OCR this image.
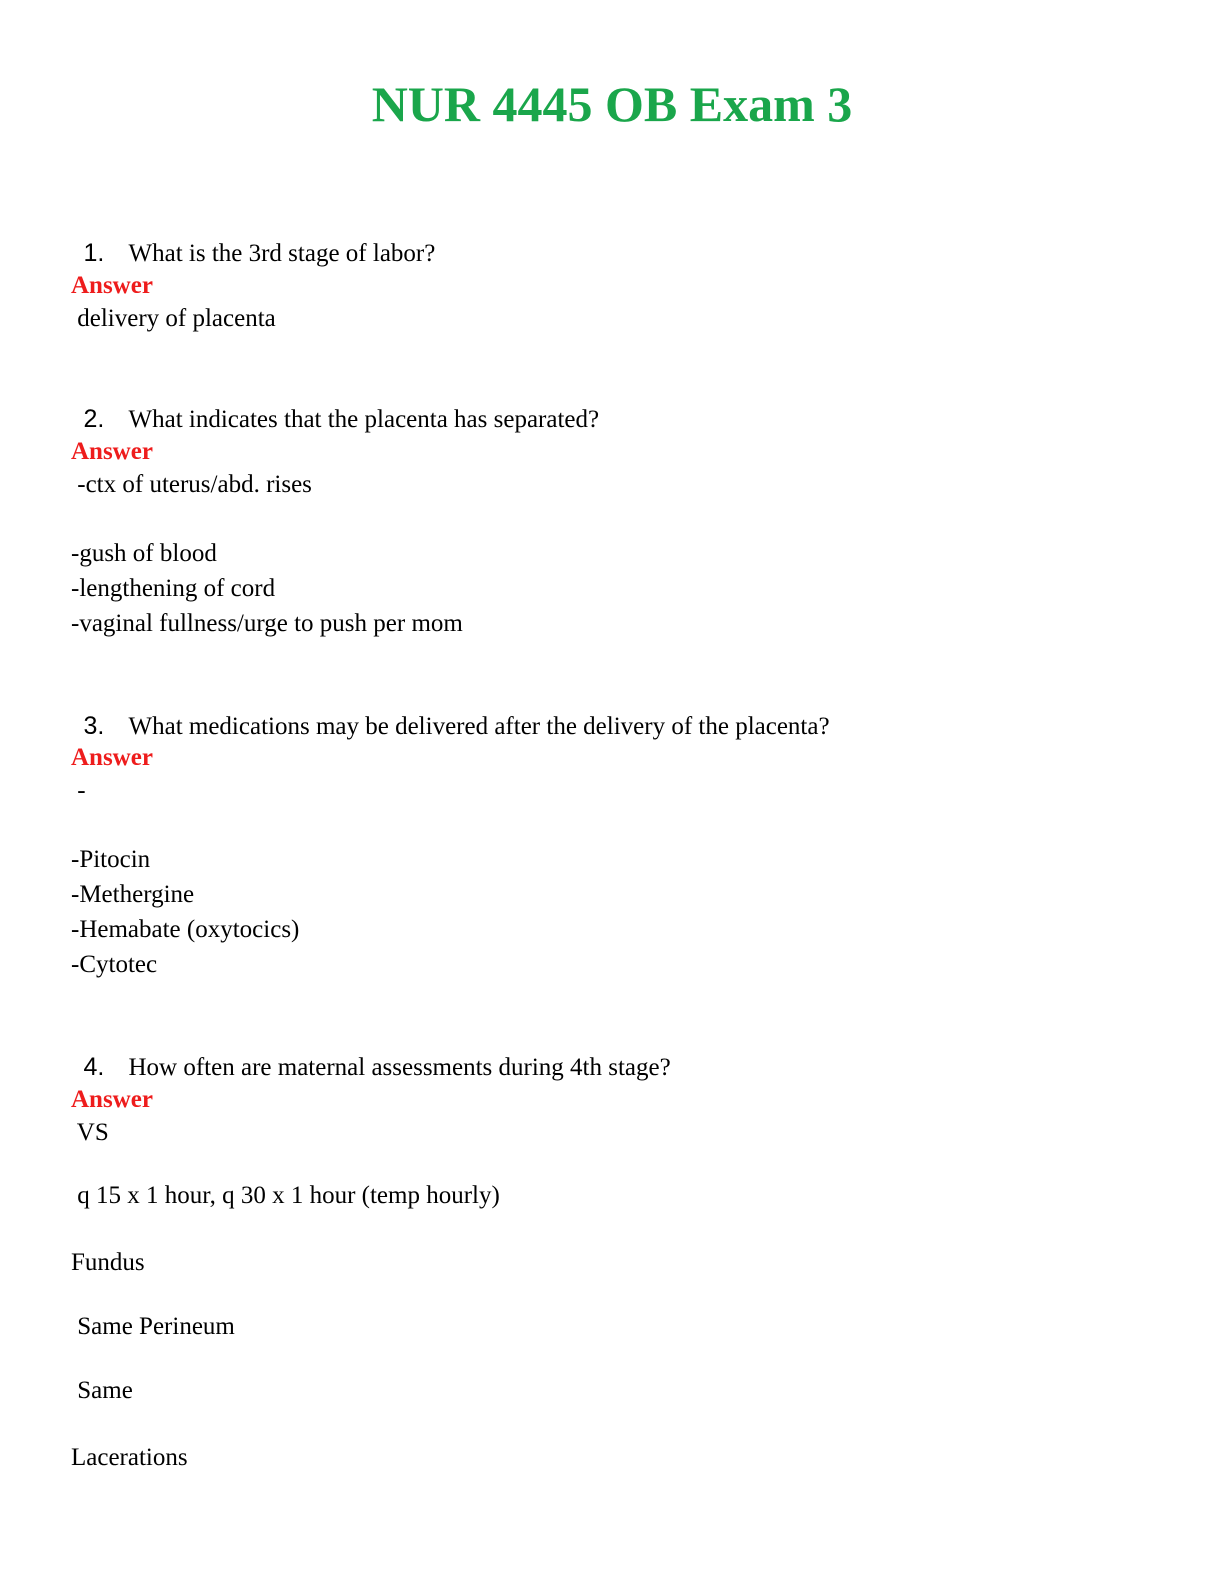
NUR 4445 OB Exam 3

1. What is the 3rd stage of labor?

Answer
delivery of placenta

2. What indicates that the placenta has separated?

Answer
-ctx of uterus/abd. rises
-gush of blood
-lengthening of cord
-vaginal fullness/urge to push per mom

3. What medications may be delivered after the delivery of the placenta?

Answer
-
-Pitocin
-Methergine
-Hemabate (oxytocics)
-Cytotec

4. How often are maternal assessments during 4th stage?

Answer
VS
q 15 x 1 hour, q 30 x 1 hour (temp hourly)
Fundus
Same Perineum
Same
Lacerations
